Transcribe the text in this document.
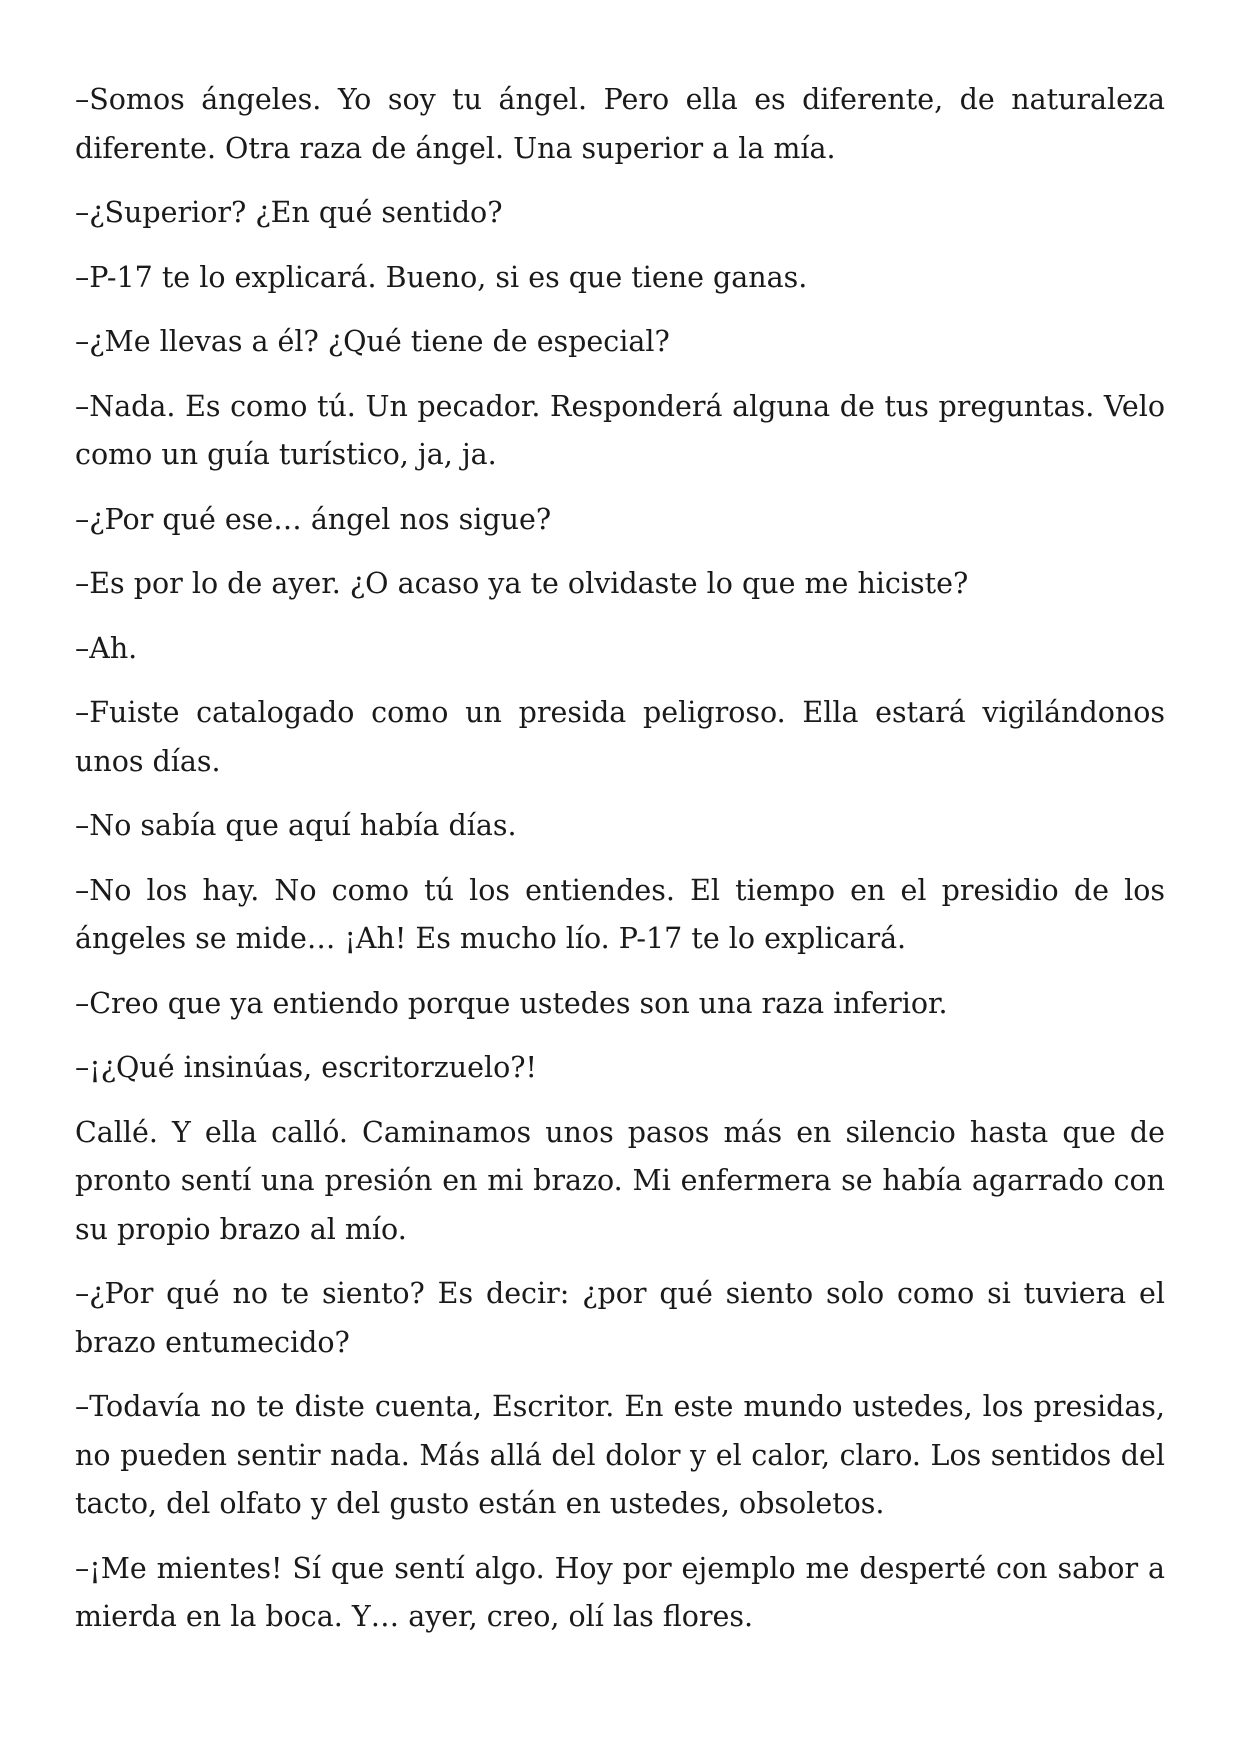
–Somos ángeles. Yo soy tu ángel. Pero ella es diferente, de naturaleza diferente. Otra raza de ángel. Una superior a la mía.

–¿Superior? ¿En qué sentido?

–P-17 te lo explicará. Bueno, si es que tiene ganas.

–¿Me llevas a él? ¿Qué tiene de especial?

–Nada. Es como tú. Un pecador. Responderá alguna de tus preguntas. Velo como un guía turístico, ja, ja.

–¿Por qué ese… ángel nos sigue?

–Es por lo de ayer. ¿O acaso ya te olvidaste lo que me hiciste?

–Ah.

–Fuiste catalogado como un presida peligroso. Ella estará vigilándonos unos días.

–No sabía que aquí había días.

–No los hay. No como tú los entiendes. El tiempo en el presidio de los ángeles se mide… ¡Ah! Es mucho lío. P-17 te lo explicará.

–Creo que ya entiendo porque ustedes son una raza inferior.

–¡¿Qué insinúas, escritorzuelo?!

Callé. Y ella calló. Caminamos unos pasos más en silencio hasta que de pronto sentí una presión en mi brazo. Mi enfermera se había agarrado con su propio brazo al mío.

–¿Por qué no te siento? Es decir: ¿por qué siento solo como si tuviera el brazo entumecido?

–Todavía no te diste cuenta, Escritor. En este mundo ustedes, los presidas, no pueden sentir nada. Más allá del dolor y el calor, claro. Los sentidos del tacto, del olfato y del gusto están en ustedes, obsoletos.

–¡Me mientes! Sí que sentí algo. Hoy por ejemplo me desperté con sabor a mierda en la boca. Y… ayer, creo, olí las flores.
